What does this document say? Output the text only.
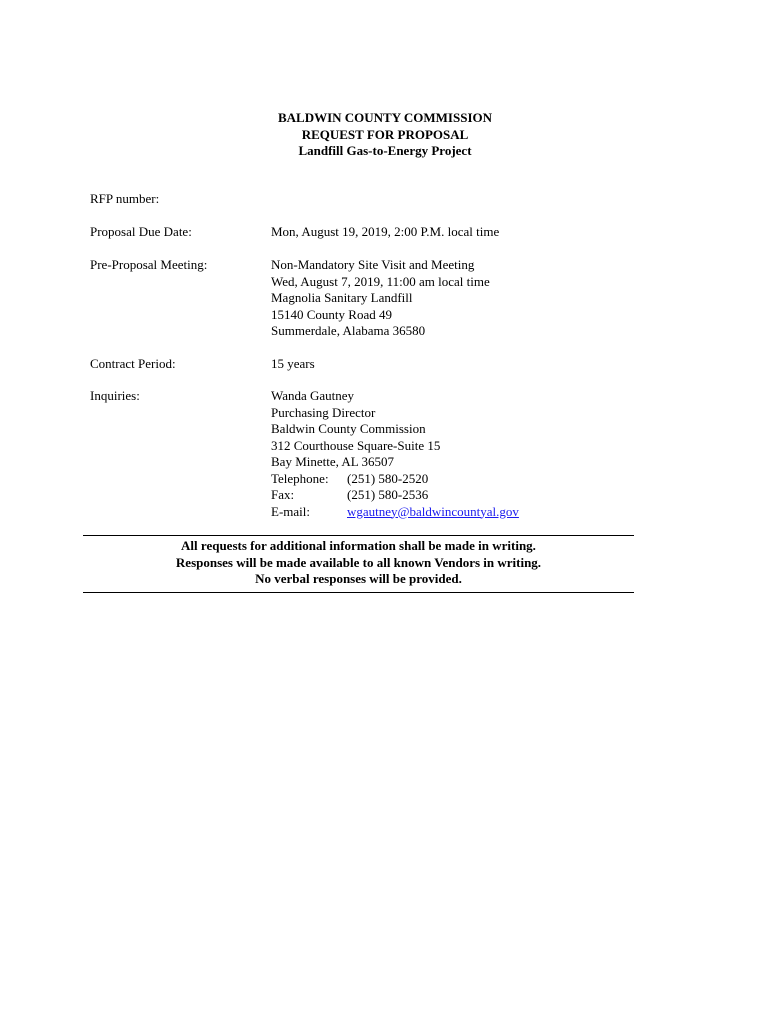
BALDWIN COUNTY COMMISSION
REQUEST FOR PROPOSAL
Landfill Gas-to-Energy Project
RFP number:
Proposal Due Date:	Mon, August 19, 2019, 2:00 P.M. local time
Pre-Proposal Meeting:	Non-Mandatory Site Visit and Meeting
Wed, August 7, 2019, 11:00 am local time
Magnolia Sanitary Landfill
15140 County Road 49
Summerdale, Alabama 36580
Contract Period:	15 years
Inquiries:	Wanda Gautney
Purchasing Director
Baldwin County Commission
312 Courthouse Square-Suite 15
Bay Minette, AL 36507
Telephone: (251) 580-2520
Fax:	(251) 580-2536
E-mail:	wgautney@baldwincountyal.gov
All requests for additional information shall be made in writing.
Responses will be made available to all known Vendors in writing.
No verbal responses will be provided.
